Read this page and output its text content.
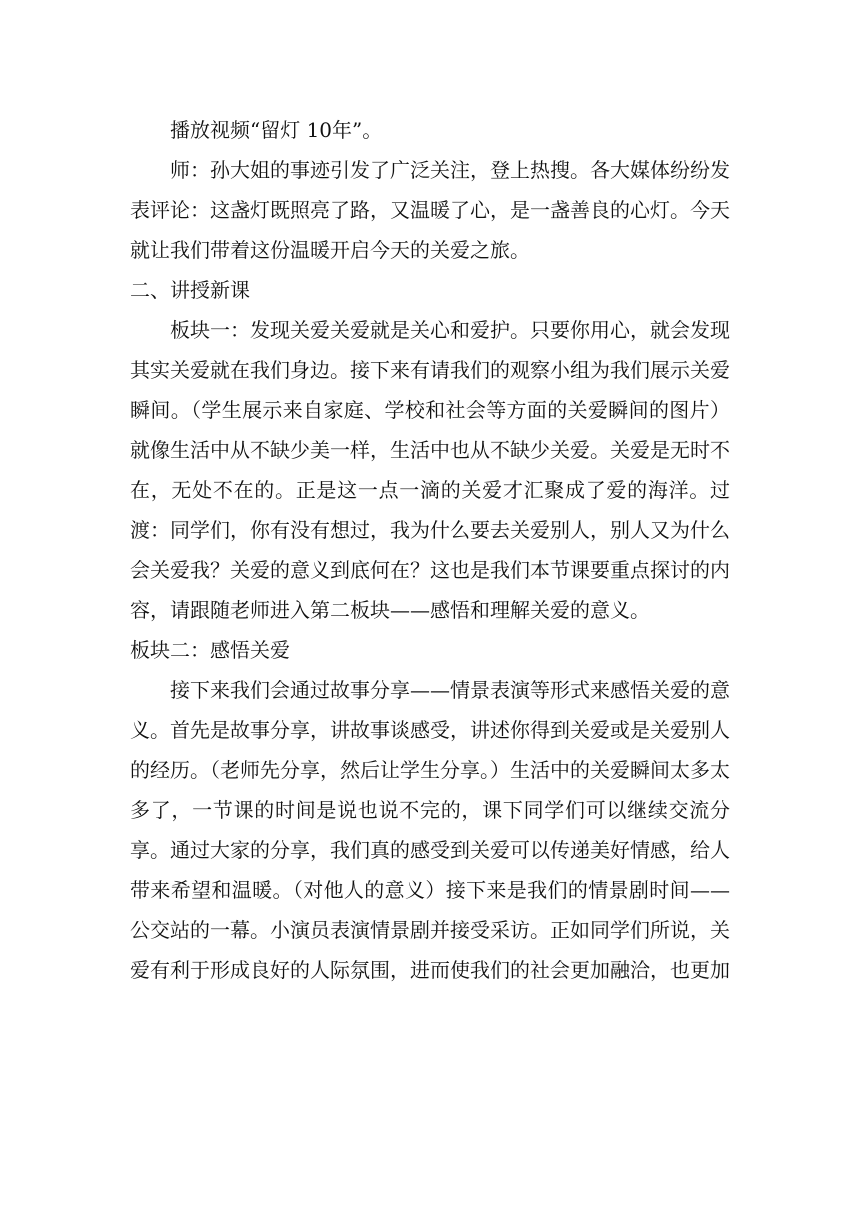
播放视频“留灯 10年”。

师：孙大姐的事迹引发了广泛关注，登上热搜。各大媒体纷纷发表评论：这盏灯既照亮了路，又温暖了心，是一盏善良的心灯。今天就让我们带着这份温暖开启今天的关爱之旅。

二、讲授新课

板块一：发现关爱关爱就是关心和爱护。只要你用心，就会发现其实关爱就在我们身边。接下来有请我们的观察小组为我们展示关爱瞬间。（学生展示来自家庭、学校和社会等方面的关爱瞬间的图片）就像生活中从不缺少美一样，生活中也从不缺少关爱。关爱是无时不在，无处不在的。正是这一点一滴的关爱才汇聚成了爱的海洋。过渡：同学们，你有没有想过，我为什么要去关爱别人，别人又为什么会关爱我？关爱的意义到底何在？这也是我们本节课要重点探讨的内容，请跟随老师进入第二板块——感悟和理解关爱的意义。

板块二：感悟关爱

接下来我们会通过故事分享——情景表演等形式来感悟关爱的意义。首先是故事分享，讲故事谈感受，讲述你得到关爱或是关爱别人的经历。（老师先分享，然后让学生分享。）生活中的关爱瞬间太多太多了，一节课的时间是说也说不完的，课下同学们可以继续交流分享。通过大家的分享，我们真的感受到关爱可以传递美好情感，给人带来希望和温暖。（对他人的意义）接下来是我们的情景剧时间——公交站的一幕。小演员表演情景剧并接受采访。正如同学们所说，关爱有利于形成良好的人际氛围，进而使我们的社会更加融洽，也更加
